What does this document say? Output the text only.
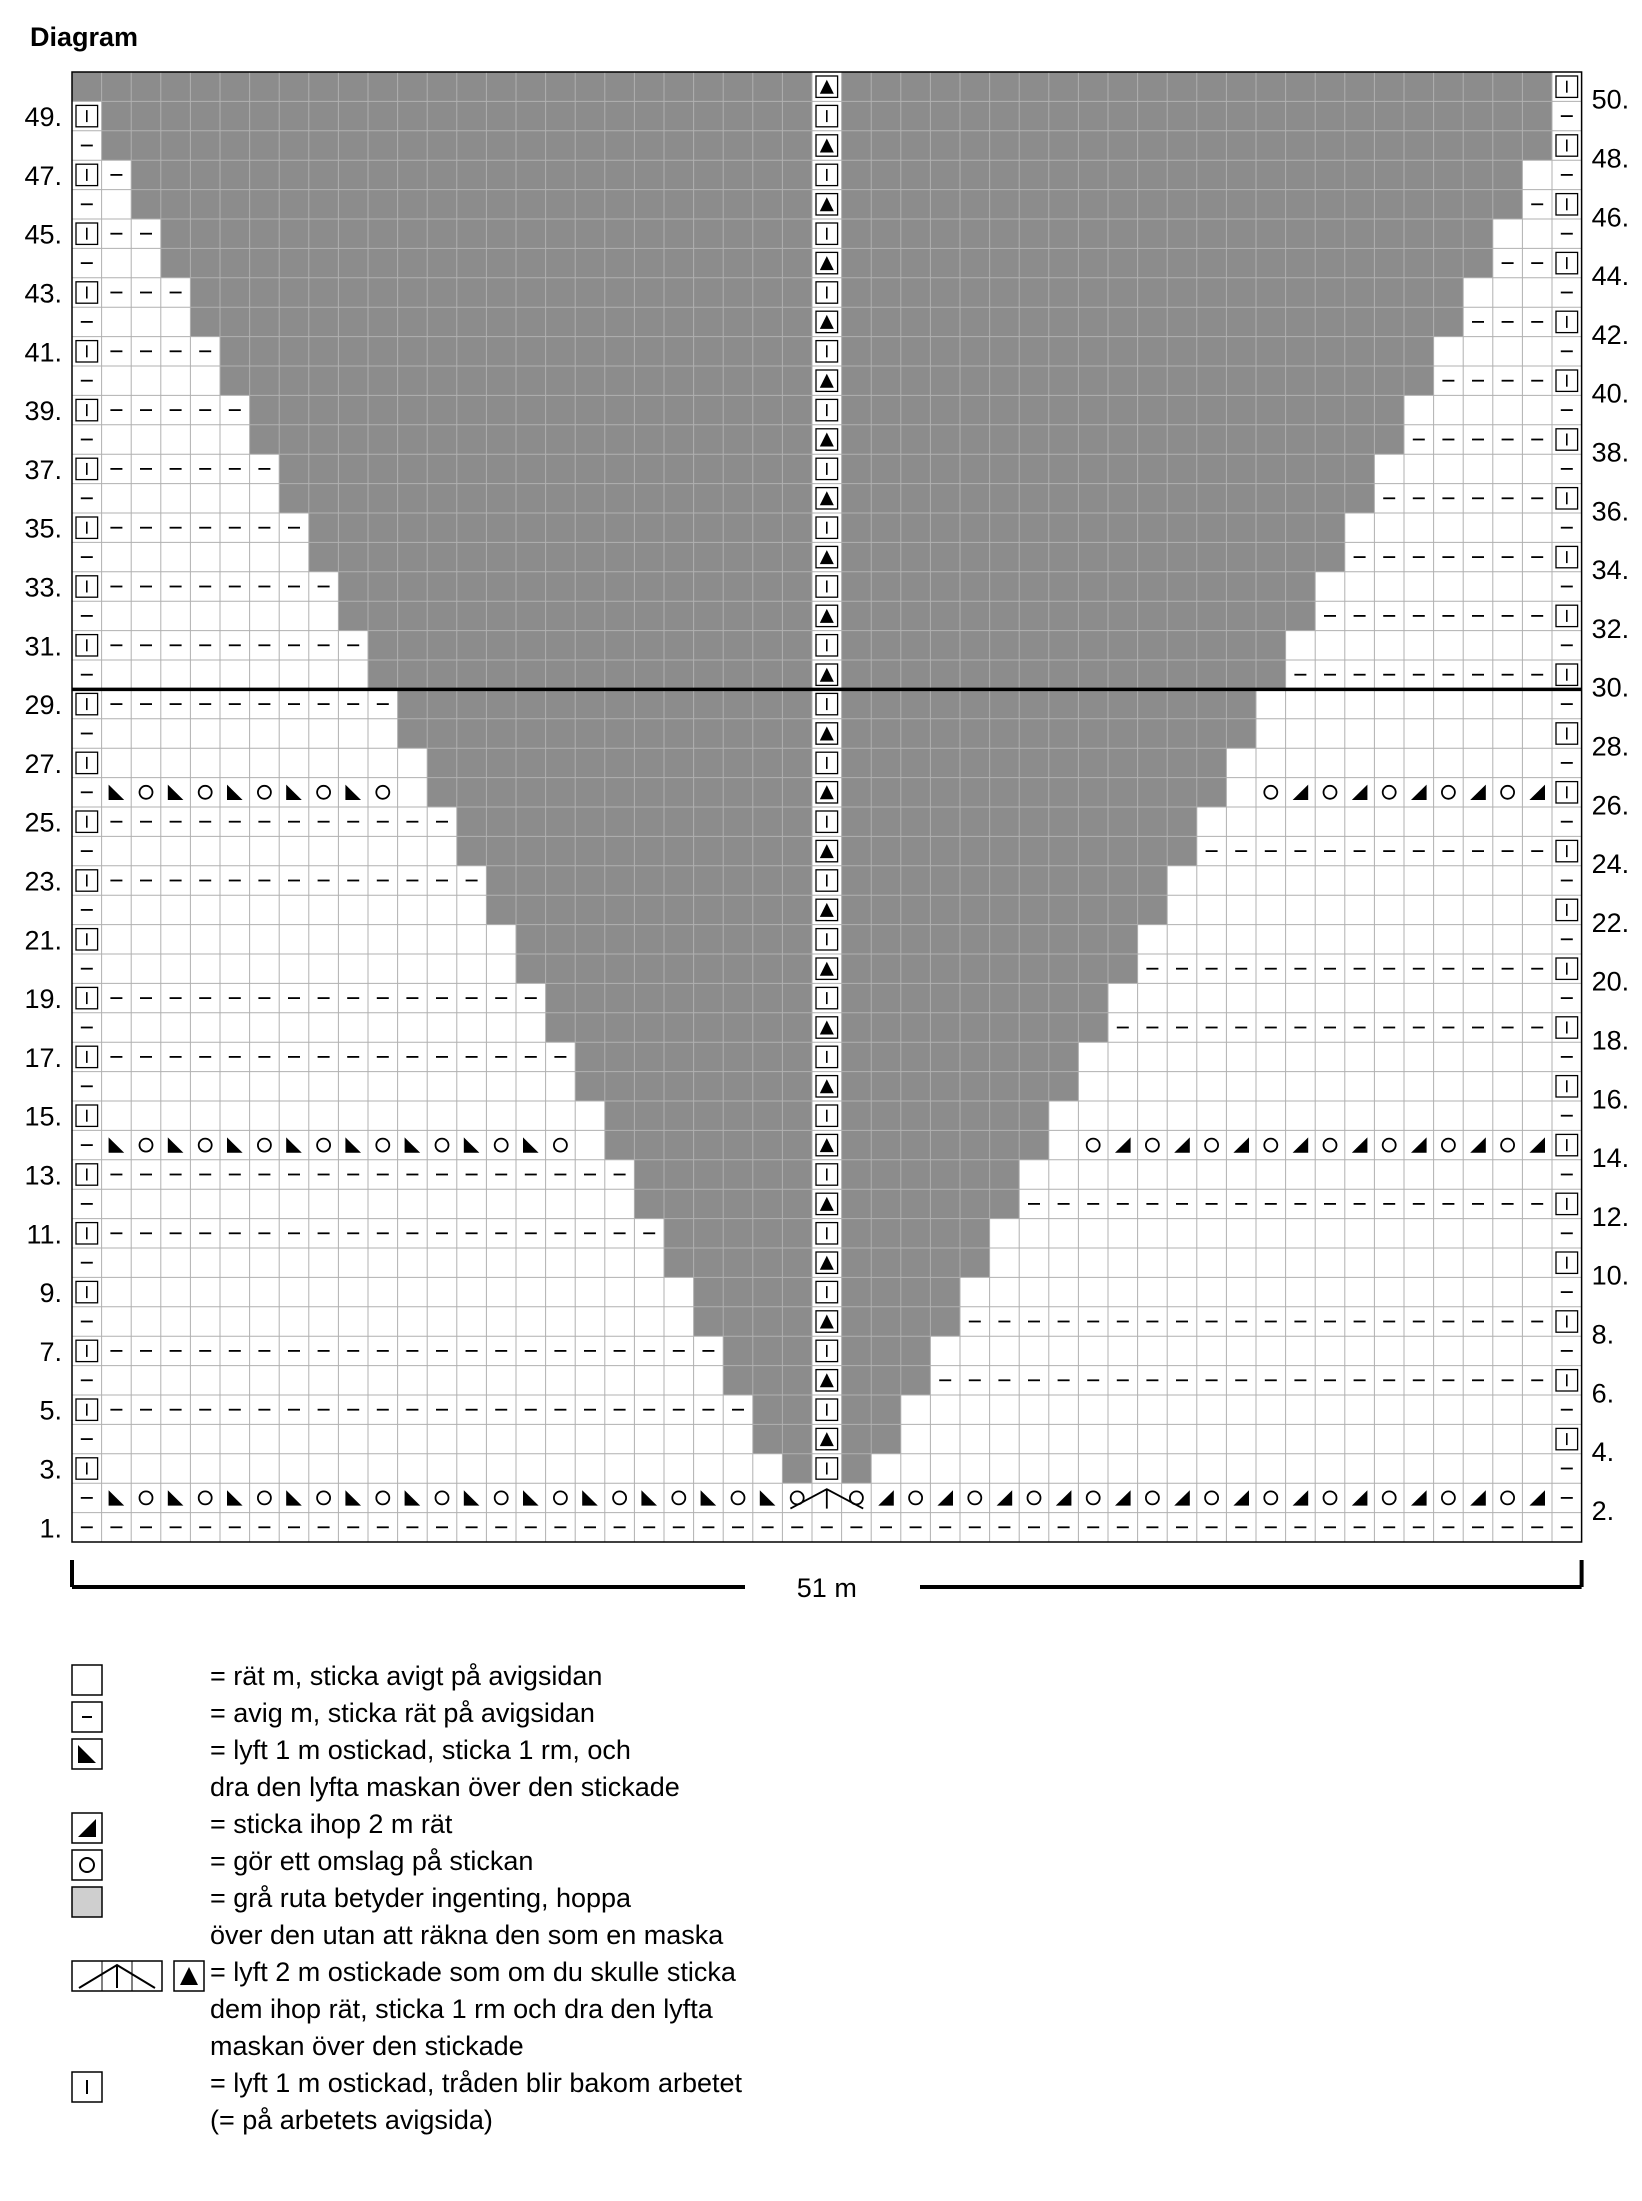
Diagram
1.
3.
5.
7.
9.
11.
13.
15.
17.
19.
21.
23.
25.
27.
29.
31.
33.
35.
37.
39.
41.
43.
45.
47.
49.
2.
4.
6.
8.
10.
12.
14.
16.
18.
20.
22.
24.
26.
28.
30.
32.
34.
36.
38.
40.
42.
44.
46.
48.
50.
51 m
= rät m, sticka avigt på avigsidan
= avig m, sticka rät på avigsidan
= lyft 1 m ostickad, sticka 1 rm, och
dra den lyfta maskan över den stickade
= sticka ihop 2 m rät
= gör ett omslag på stickan
= grå ruta betyder ingenting, hoppa
över den utan att räkna den som en maska
= lyft 2 m ostickade som om du skulle sticka
dem ihop rät, sticka 1 rm och dra den lyfta
maskan över den stickade
= lyft 1 m ostickad, tråden blir bakom arbetet
(= på arbetets avigsida)
